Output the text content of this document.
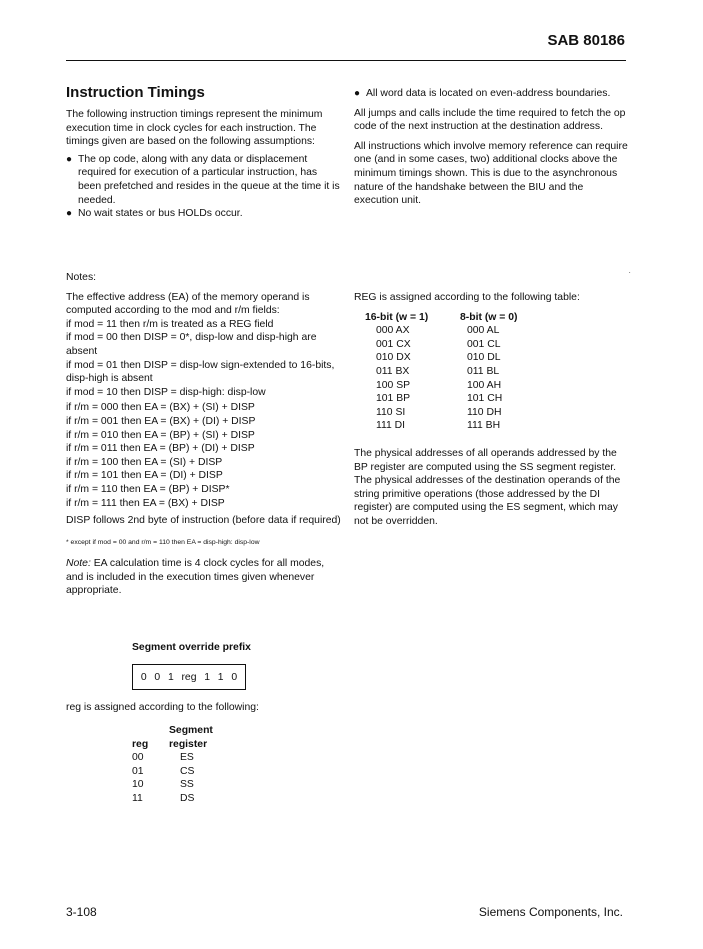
SAB 80186
Instruction Timings
The following instruction timings represent the minimum execution time in clock cycles for each instruction. The timings given are based on the following assumptions:
● The op code, along with any data or displacement required for execution of a particular instruction, has been prefetched and resides in the queue at the time it is needed.
● No wait states or bus HOLDs occur.
● All word data is located on even-address boundaries.
All jumps and calls include the time required to fetch the op code of the next instruction at the destination address.
All instructions which involve memory reference can require one (and in some cases, two) additional clocks above the minimum timings shown. This is due to the asynchronous nature of the handshake between the BIU and the execution unit.
·
Notes:
The effective address (EA) of the memory operand is computed according to the mod and r/m fields:
if mod = 11 then r/m is treated as a REG field
if mod = 00 then DISP = 0*, disp-low and disp-high are absent
if mod = 01 then DISP = disp-low sign-extended to 16-bits, disp-high is absent
if mod = 10 then DISP = disp-high: disp-low
if r/m = 000 then EA = (BX) + (SI) + DISP
if r/m = 001 then EA = (BX) + (DI) + DISP
if r/m = 010 then EA = (BP) + (SI) + DISP
if r/m = 011 then EA = (BP) + (DI) + DISP
if r/m = 100 then EA = (SI) + DISP
if r/m = 101 then EA = (DI) + DISP
if r/m = 110 then EA = (BP) + DISP*
if r/m = 111 then EA = (BX) + DISP
DISP follows 2nd byte of instruction (before data if required)
* except if mod = 00 and r/m = 110 then EA = disp-high: disp-low
Note: EA calculation time is 4 clock cycles for all modes, and is included in the execution times given whenever appropriate.
Segment override prefix
0 0 1 reg 1 1 0
reg is assigned according to the following:
Segment
reg	register
00	ES
01	CS
10	SS
11	DS
REG is assigned according to the following table:
16-bit (w = 1)	8-bit (w = 0)
000 AX	000 AL
001 CX	001 CL
010 DX	010 DL
011 BX	011 BL
100 SP	100 AH
101 BP	101 CH
110 SI	110 DH
111 DI	111 BH
The physical addresses of all operands addressed by the BP register are computed using the SS segment register. The physical addresses of the destination operands of the string primitive operations (those addressed by the DI register) are computed using the ES segment, which may not be overridden.
3-108	Siemens Components, Inc.
